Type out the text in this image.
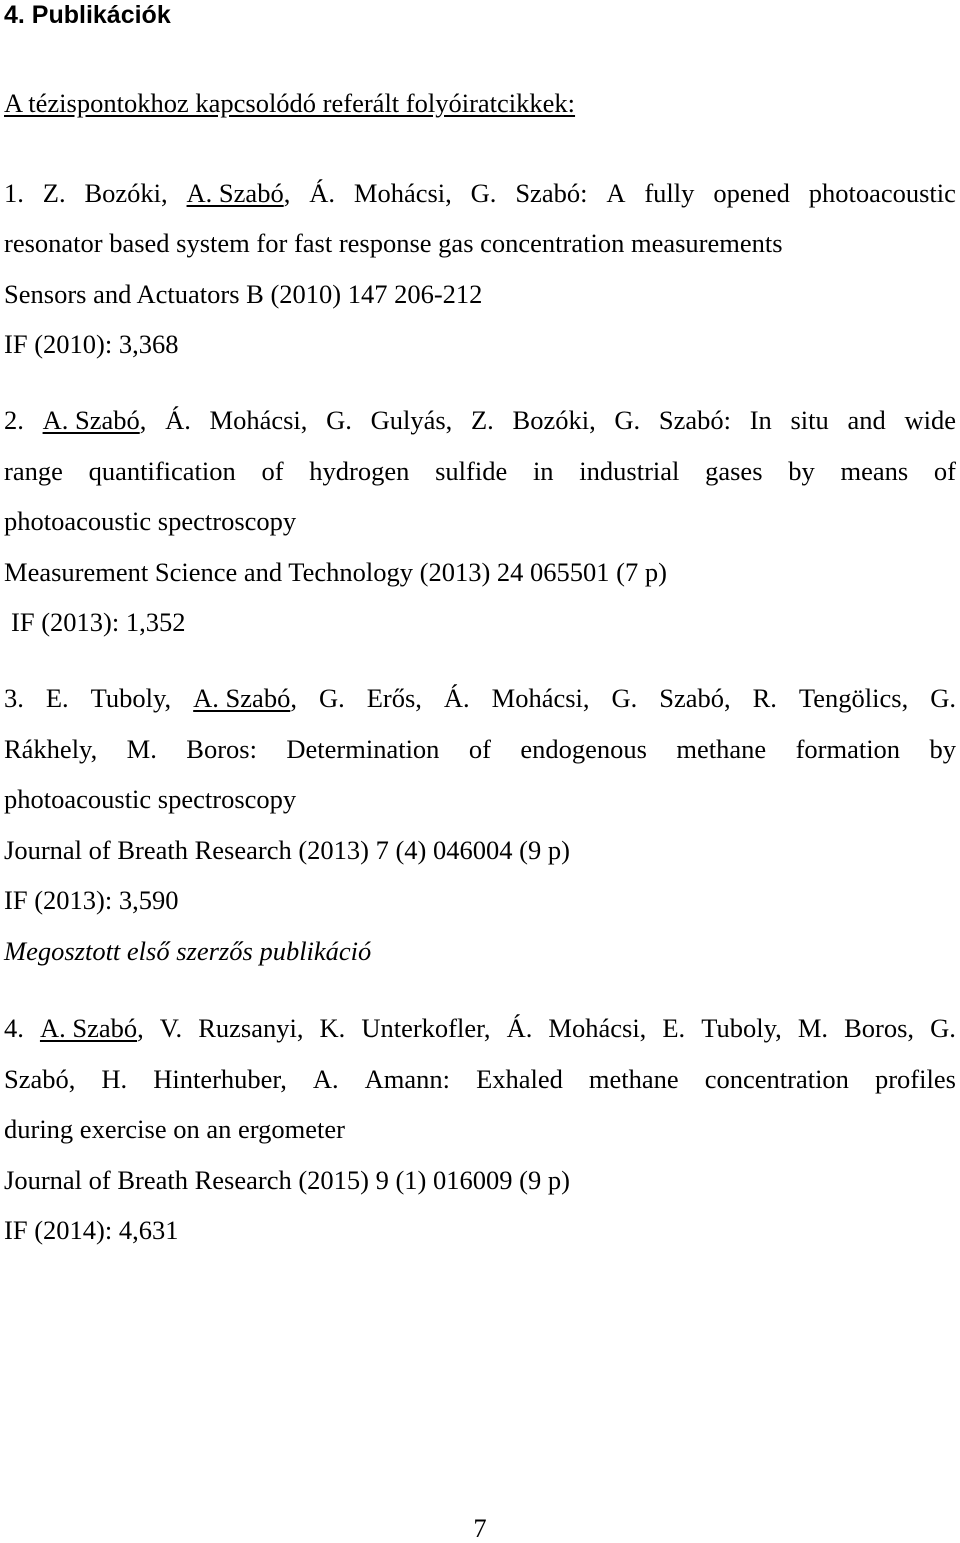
4. Publikációk
A tézispontokhoz kapcsolódó referált folyóiratcikkek:
1. Z. Bozóki, A. Szabó, Á. Mohácsi, G. Szabó: A fully opened photoacoustic
resonator based system for fast response gas concentration measurements
Sensors and Actuators B (2010) 147 206-212
IF (2010): 3,368
2. A. Szabó, Á. Mohácsi, G. Gulyás, Z. Bozóki, G. Szabó: In situ and wide
range quantification of hydrogen sulfide in industrial gases by means of
photoacoustic spectroscopy
Measurement Science and Technology (2013) 24 065501 (7 p)
IF (2013): 1,352
3. E. Tuboly, A. Szabó, G. Erős, Á. Mohácsi, G. Szabó, R. Tengölics, G.
Rákhely, M. Boros: Determination of endogenous methane formation by
photoacoustic spectroscopy
Journal of Breath Research (2013) 7 (4) 046004 (9 p)
IF (2013): 3,590
Megosztott első szerzős publikáció
4. A. Szabó, V. Ruzsanyi, K. Unterkofler, Á. Mohácsi, E. Tuboly, M. Boros, G.
Szabó, H. Hinterhuber, A. Amann: Exhaled methane concentration profiles
during exercise on an ergometer
Journal of Breath Research (2015) 9 (1) 016009 (9 p)
IF (2014): 4,631
7
